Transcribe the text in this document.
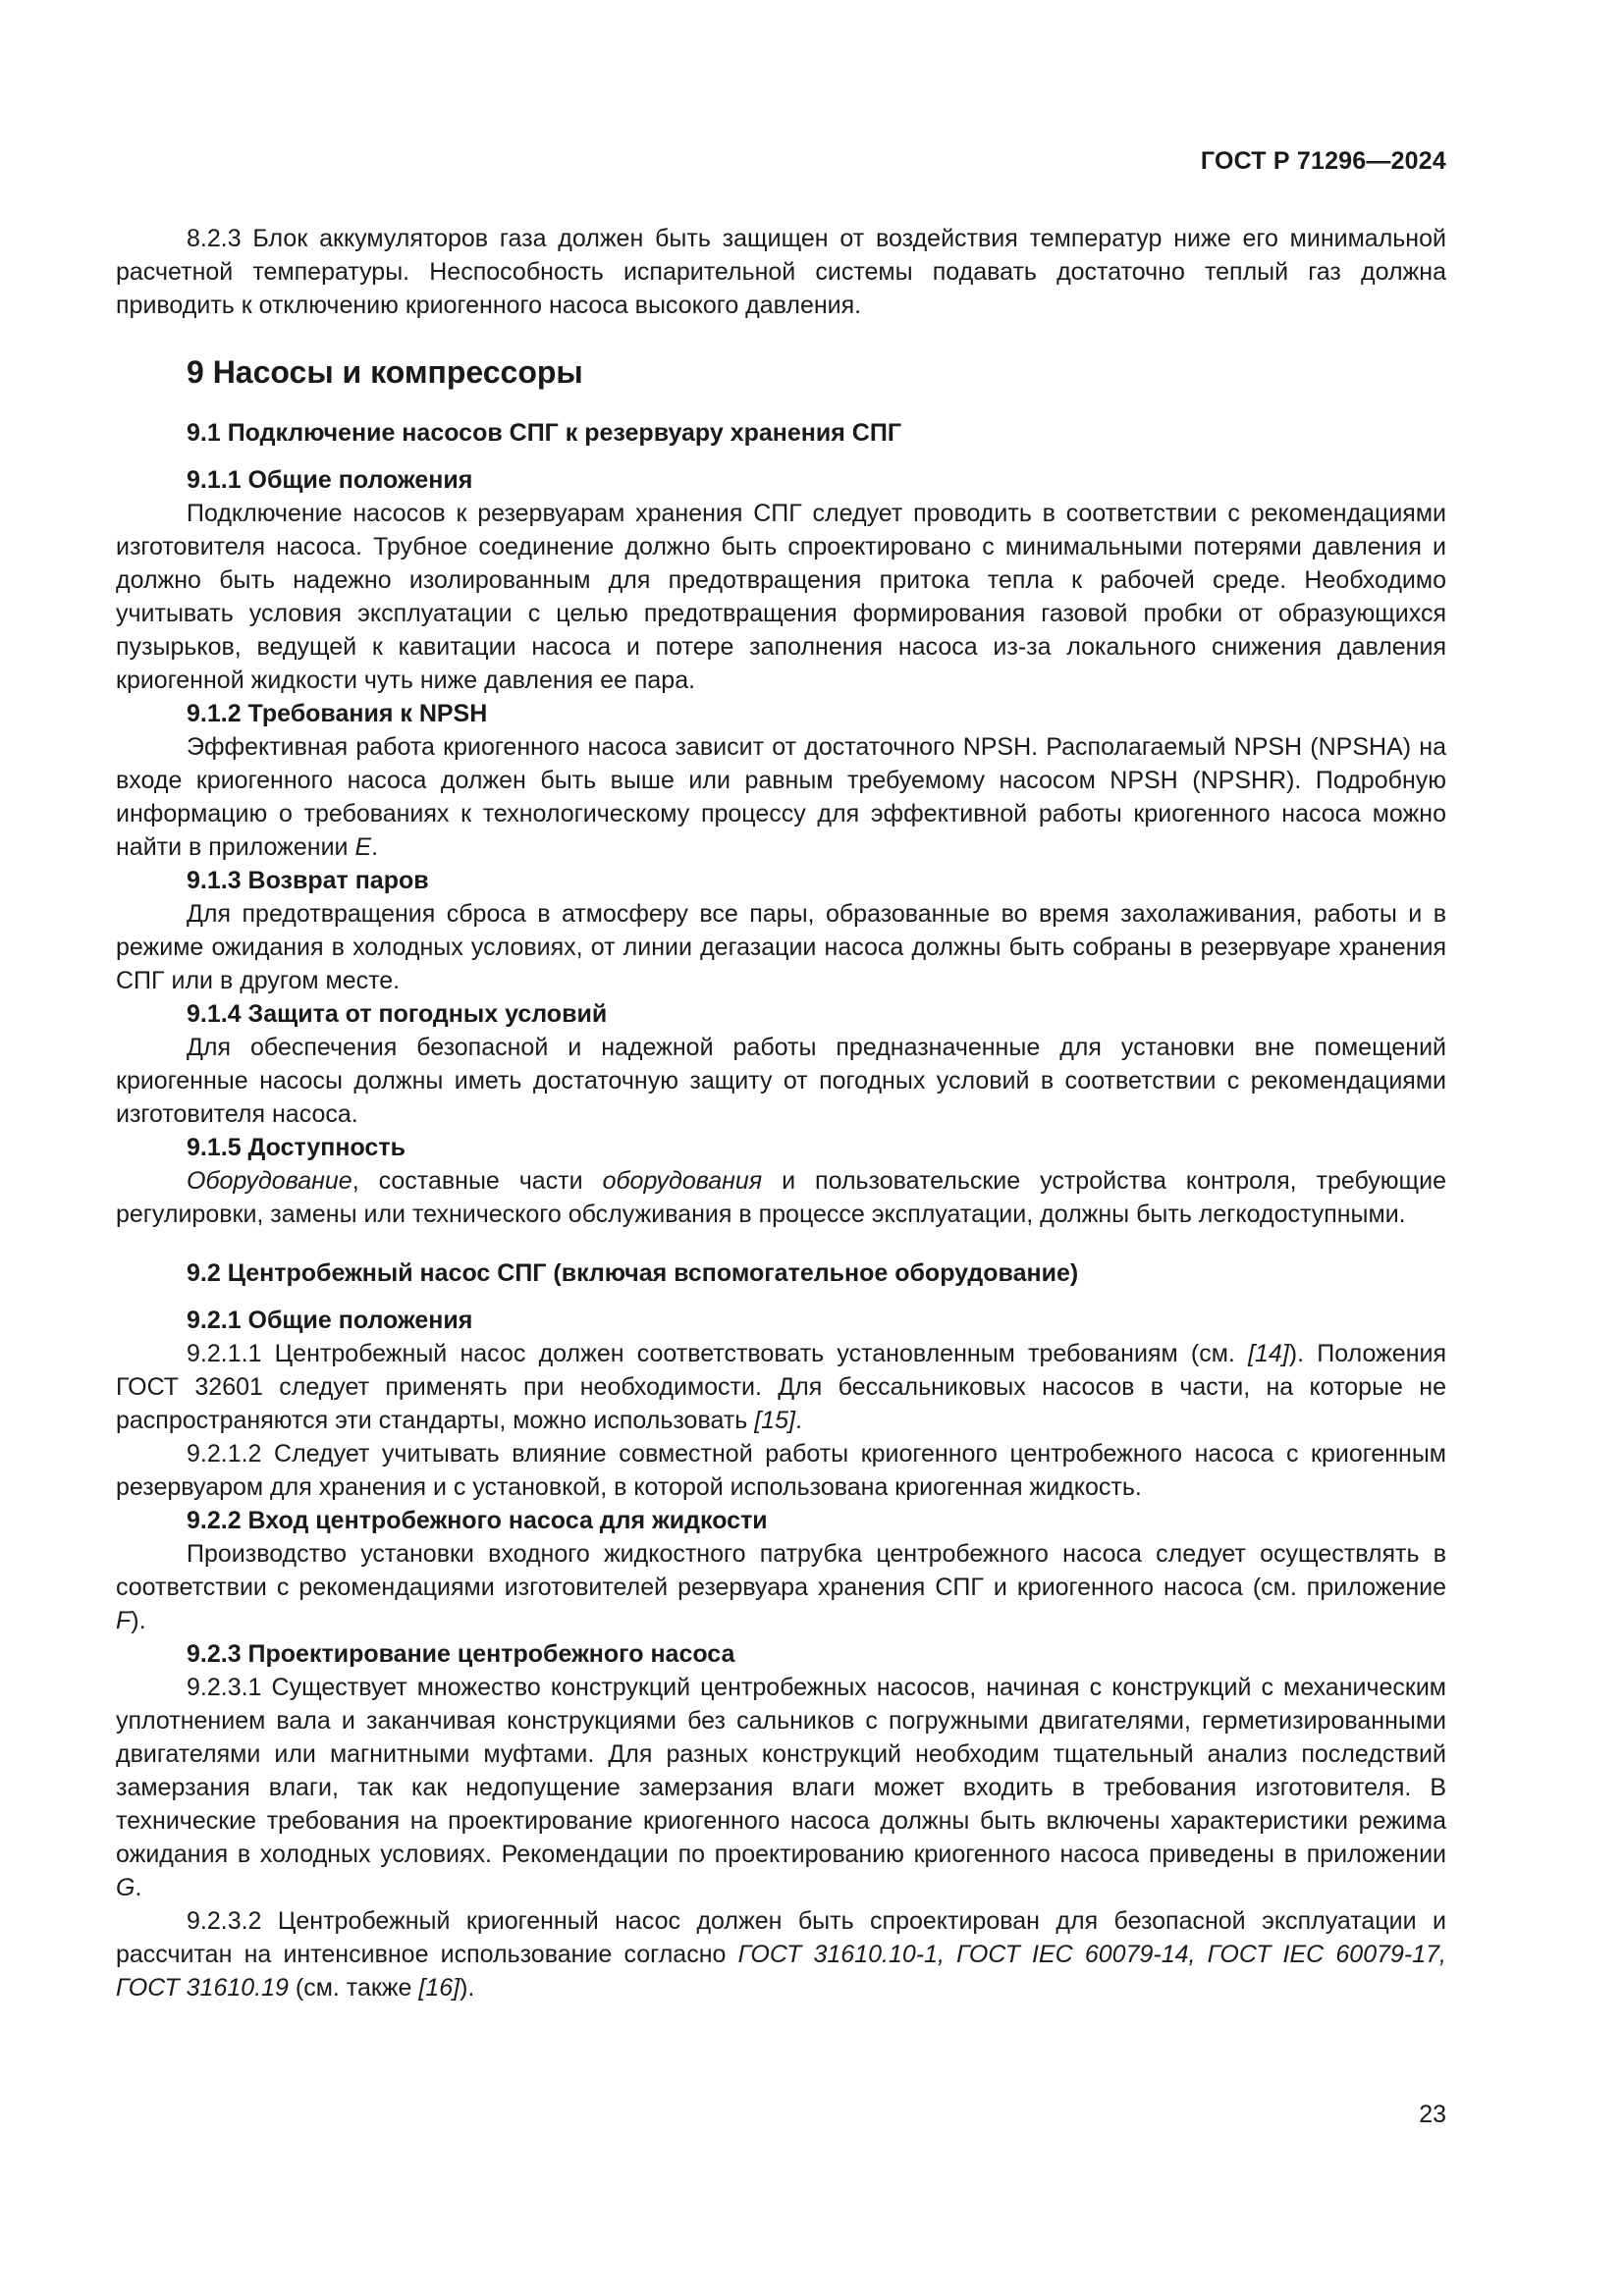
ГОСТ Р 71296—2024

8.2.3 Блок аккумуляторов газа должен быть защищен от воздействия температур ниже его минимальной расчетной температуры. Неспособность испарительной системы подавать достаточно теплый газ должна приводить к отключению криогенного насоса высокого давления.

9 Насосы и компрессоры
9.1 Подключение насосов СПГ к резервуару хранения СПГ
9.1.1 Общие положения

Подключение насосов к резервуарам хранения СПГ следует проводить в соответствии с рекомендациями изготовителя насоса. Трубное соединение должно быть спроектировано с минимальными потерями давления и должно быть надежно изолированным для предотвращения притока тепла к рабочей среде. Необходимо учитывать условия эксплуатации с целью предотвращения формирования газовой пробки от образующихся пузырьков, ведущей к кавитации насоса и потере заполнения насоса из-за локального снижения давления криогенной жидкости чуть ниже давления ее пара.

9.1.2 Требования к NPSH

Эффективная работа криогенного насоса зависит от достаточного NPSH. Располагаемый NPSH (NPSHA) на входе криогенного насоса должен быть выше или равным требуемому насосом NPSH (NPSHR). Подробную информацию о требованиях к технологическому процессу для эффективной работы криогенного насоса можно найти в приложении Е.

9.1.3 Возврат паров

Для предотвращения сброса в атмосферу все пары, образованные во время захолаживания, работы и в режиме ожидания в холодных условиях, от линии дегазации насоса должны быть собраны в резервуаре хранения СПГ или в другом месте.

9.1.4 Защита от погодных условий

Для обеспечения безопасной и надежной работы предназначенные для установки вне помещений криогенные насосы должны иметь достаточную защиту от погодных условий в соответствии с рекомендациями изготовителя насоса.

9.1.5 Доступность

Оборудование, составные части оборудования и пользовательские устройства контроля, требующие регулировки, замены или технического обслуживания в процессе эксплуатации, должны быть легкодоступными.

9.2 Центробежный насос СПГ (включая вспомогательное оборудование)
9.2.1 Общие положения

9.2.1.1 Центробежный насос должен соответствовать установленным требованиям (см. [14]). Положения ГОСТ 32601 следует применять при необходимости. Для бессальниковых насосов в части, на которые не распространяются эти стандарты, можно использовать [15].

9.2.1.2 Следует учитывать влияние совместной работы криогенного центробежного насоса с криогенным резервуаром для хранения и с установкой, в которой использована криогенная жидкость.

9.2.2 Вход центробежного насоса для жидкости

Производство установки входного жидкостного патрубка центробежного насоса следует осуществлять в соответствии с рекомендациями изготовителей резервуара хранения СПГ и криогенного насоса (см. приложение F).

9.2.3 Проектирование центробежного насоса

9.2.3.1 Существует множество конструкций центробежных насосов, начиная с конструкций с механическим уплотнением вала и заканчивая конструкциями без сальников с погружными двигателями, герметизированными двигателями или магнитными муфтами. Для разных конструкций необходим тщательный анализ последствий замерзания влаги, так как недопущение замерзания влаги может входить в требования изготовителя. В технические требования на проектирование криогенного насоса должны быть включены характеристики режима ожидания в холодных условиях. Рекомендации по проектированию криогенного насоса приведены в приложении G.

9.2.3.2 Центробежный криогенный насос должен быть спроектирован для безопасной эксплуатации и рассчитан на интенсивное использование согласно ГОСТ 31610.10-1, ГОСТ IEC 60079-14, ГОСТ IEC 60079-17, ГОСТ 31610.19 (см. также [16]).

23
